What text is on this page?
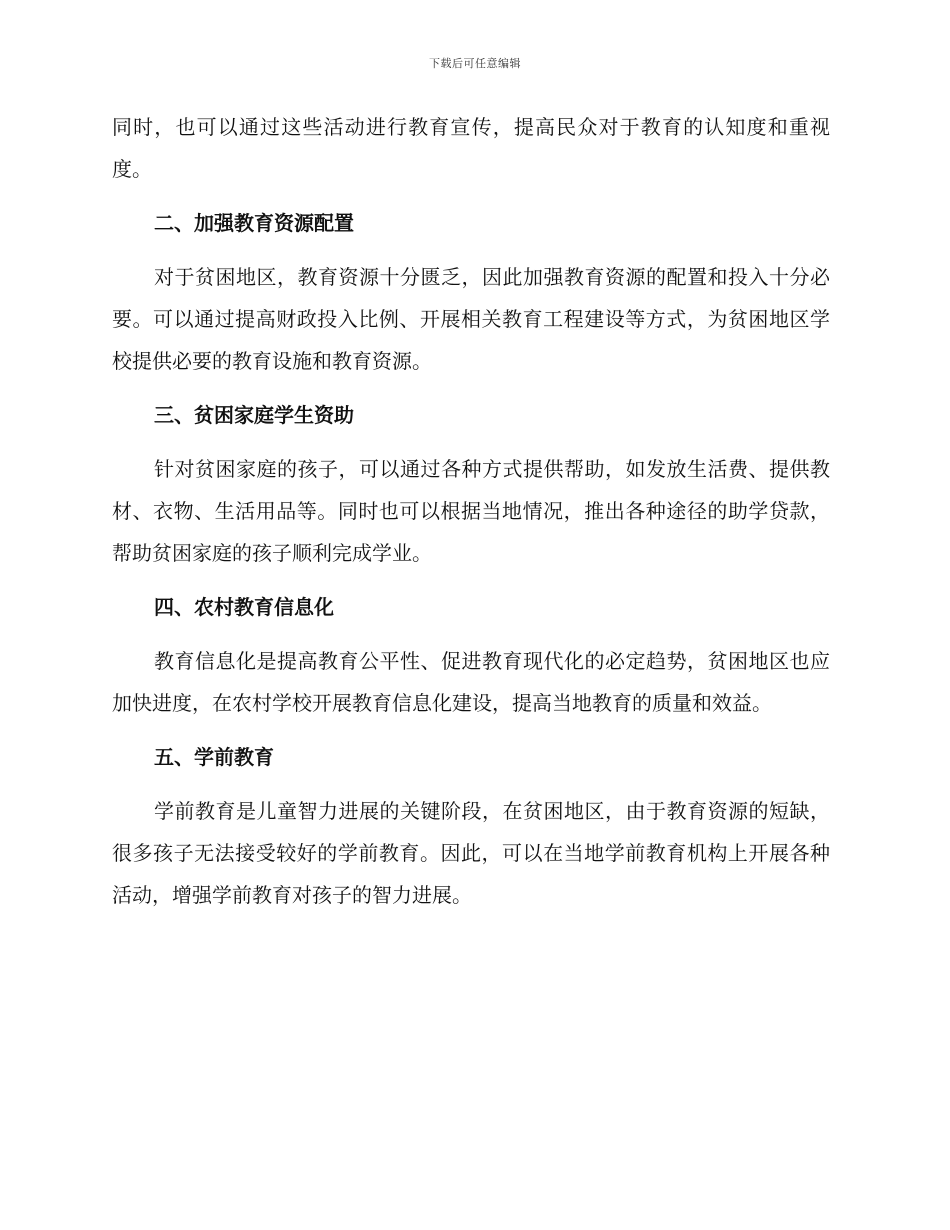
下载后可任意编辑

同时，也可以通过这些活动进行教育宣传，提高民众对于教育的认知度和重视度。

二、加强教育资源配置

对于贫困地区，教育资源十分匮乏，因此加强教育资源的配置和投入十分必要。可以通过提高财政投入比例、开展相关教育工程建设等方式，为贫困地区学校提供必要的教育设施和教育资源。

三、贫困家庭学生资助

针对贫困家庭的孩子，可以通过各种方式提供帮助，如发放生活费、提供教材、衣物、生活用品等。同时也可以根据当地情况，推出各种途径的助学贷款，帮助贫困家庭的孩子顺利完成学业。

四、农村教育信息化

教育信息化是提高教育公平性、促进教育现代化的必定趋势，贫困地区也应加快进度，在农村学校开展教育信息化建设，提高当地教育的质量和效益。

五、学前教育

学前教育是儿童智力进展的关键阶段，在贫困地区，由于教育资源的短缺，很多孩子无法接受较好的学前教育。因此，可以在当地学前教育机构上开展各种活动，增强学前教育对孩子的智力进展。
